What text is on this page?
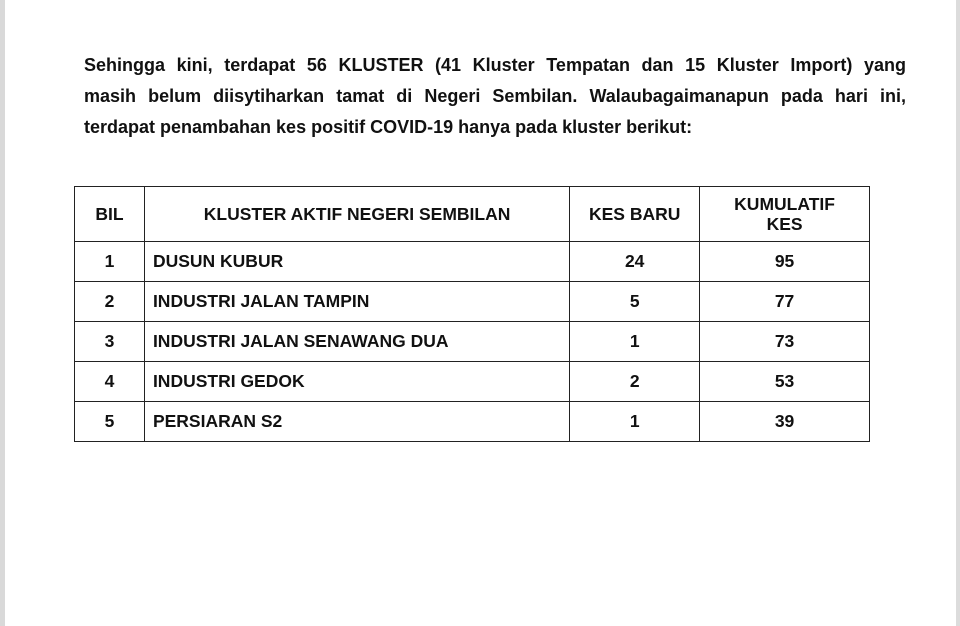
Sehingga kini, terdapat 56 KLUSTER (41 Kluster Tempatan dan 15 Kluster Import) yang
masih belum diisytiharkan tamat di Negeri Sembilan. Walaubagaimanapun pada hari ini,
terdapat penambahan kes positif COVID-19 hanya pada kluster berikut:
BIL	KLUSTER AKTIF NEGERI SEMBILAN	KES BARU	KUMULATIF
KES
1	DUSUN KUBUR	24	95
2	INDUSTRI JALAN TAMPIN	5	77
3	INDUSTRI JALAN SENAWANG DUA	1	73
4	INDUSTRI GEDOK	2	53
5	PERSIARAN S2	1	39
